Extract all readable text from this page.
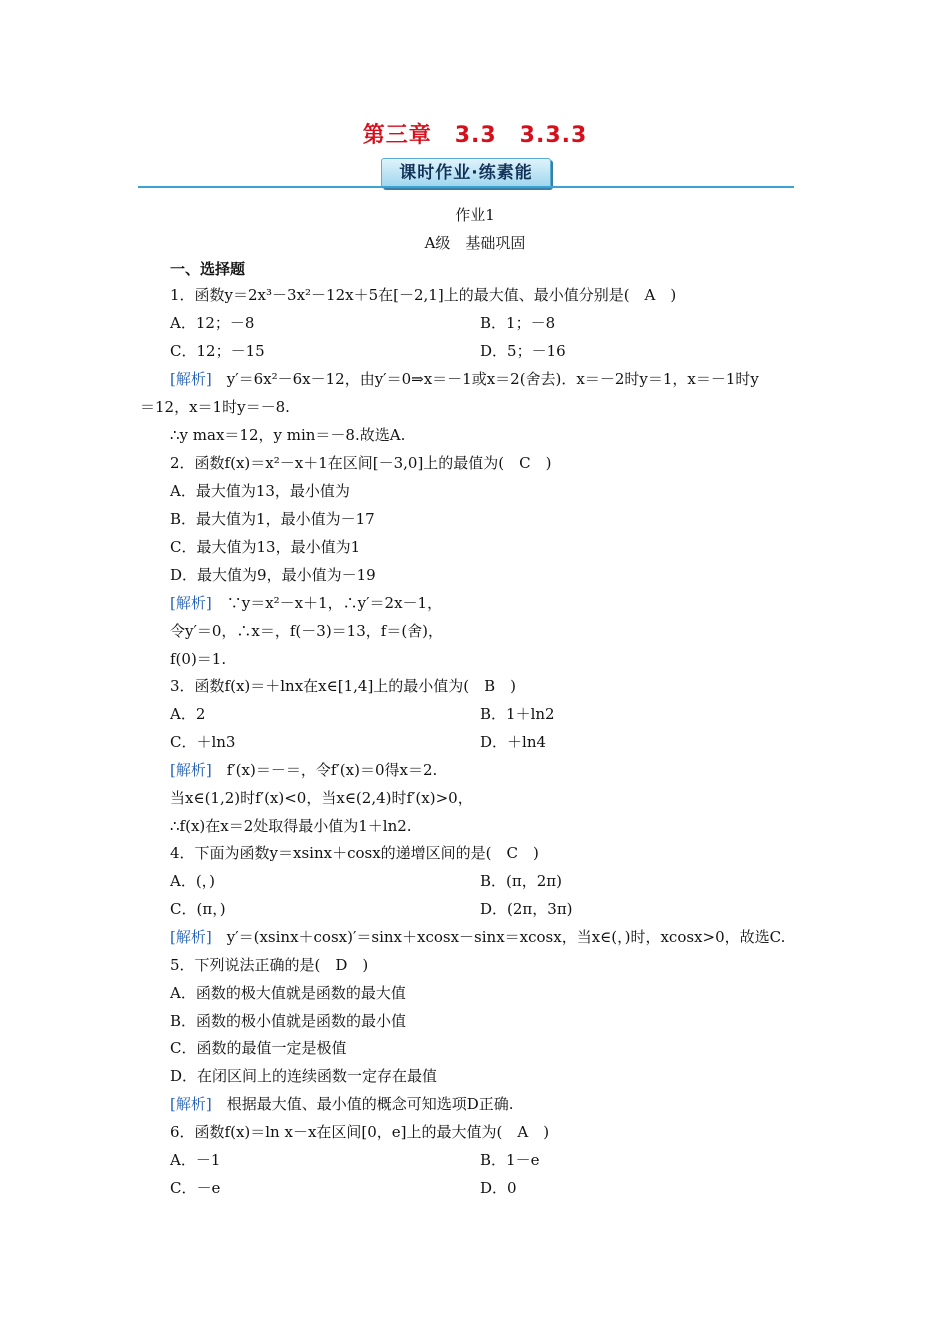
第三章　3.3　3.3.3
课时作业·练素能
作业1
A级　基础巩固
一、选择题
1．函数y＝2x³－3x²－12x＋5在[－2,1]上的最大值、最小值分别是(　A　)
A．12；－8	B．1；－8
C．12；－15	D．5；－16
[解析]　y′＝6x²－6x－12，由y′＝0⇒x＝－1或x＝2(舍去)．x＝－2时y＝1，x＝－1时y
＝12，x＝1时y＝－8.
∴y max＝12，y min＝－8.故选A.
2．函数f(x)＝x²－x＋1在区间[－3,0]上的最值为(　C　)
A．最大值为13，最小值为
B．最大值为1，最小值为－17
C．最大值为13，最小值为1
D．最大值为9，最小值为－19
[解析]　∵y＝x²－x＋1，∴y′＝2x－1，
令y′＝0，∴x＝，f(－3)＝13，f＝(舍)，
f(0)＝1.
3．函数f(x)＝＋lnx在x∈[1,4]上的最小值为(　B　)
A．2	B．1＋ln2
C．＋ln3	D．＋ln4
[解析]　f′(x)＝－＝，令f′(x)＝0得x＝2.
当x∈(1,2)时f′(x)<0，当x∈(2,4)时f′(x)>0，
∴f(x)在x＝2处取得最小值为1＋ln2.
4．下面为函数y＝xsinx＋cosx的递增区间的是(　C　)
A．(，)	B．(π，2π)
C．(π，)	D．(2π，3π)
[解析]　y′＝(xsinx＋cosx)′＝sinx＋xcosx－sinx＝xcosx，当x∈(，)时，xcosx>0，故选C.
5．下列说法正确的是(　D　)
A．函数的极大值就是函数的最大值
B．函数的极小值就是函数的最小值
C．函数的最值一定是极值
D．在闭区间上的连续函数一定存在最值
[解析]　根据最大值、最小值的概念可知选项D正确.
6．函数f(x)＝ln x－x在区间[0，e]上的最大值为(　A　)
A．－1	B．1－e
C．－e	D．0
